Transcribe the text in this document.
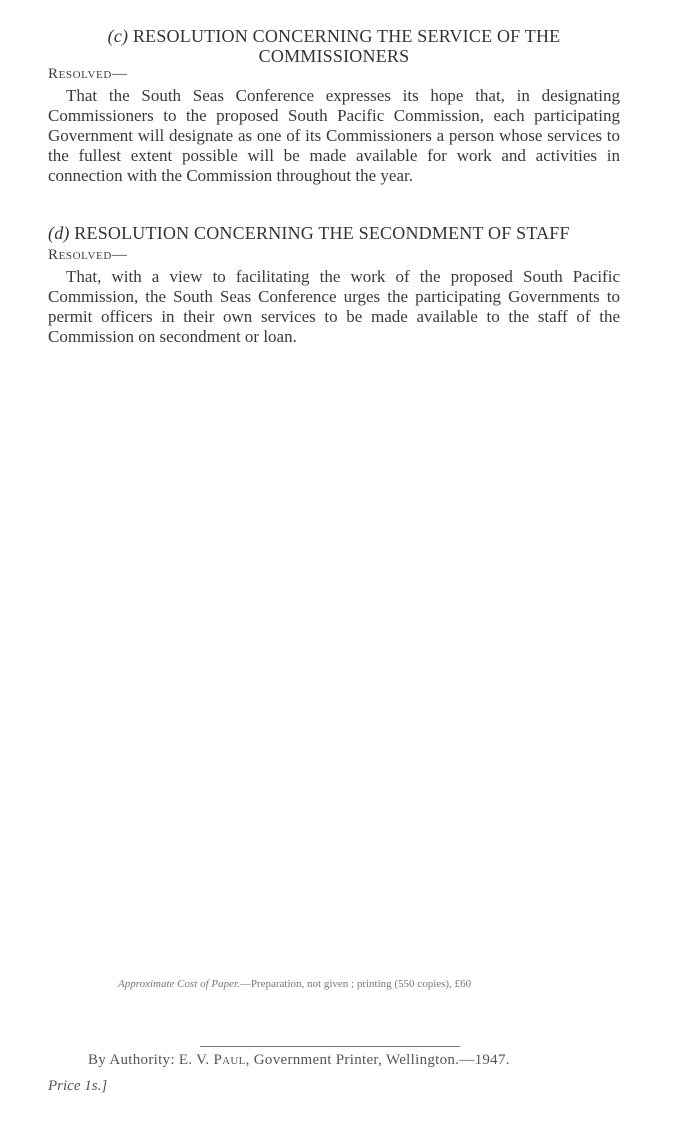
(c) RESOLUTION CONCERNING THE SERVICE OF THE
COMMISSIONERS
Resolved—

That the South Seas Conference expresses its hope that, in designating Commissioners to the proposed South Pacific Commission, each participating Government will designate as one of its Commissioners a person whose services to the fullest extent possible will be made available for work and activities in connection with the Commission throughout the year.

(d) RESOLUTION CONCERNING THE SECONDMENT OF STAFF
Resolved—

That, with a view to facilitating the work of the proposed South Pacific Commission, the South Seas Conference urges the participating Governments to permit officers in their own services to be made available to the staff of the Commission on secondment or loan.

Approximate Cost of Paper.—Preparation, not given ; printing (550 copies), £60
By Authority: E. V. Paul, Government Printer, Wellington.—1947.
Price 1s.]
